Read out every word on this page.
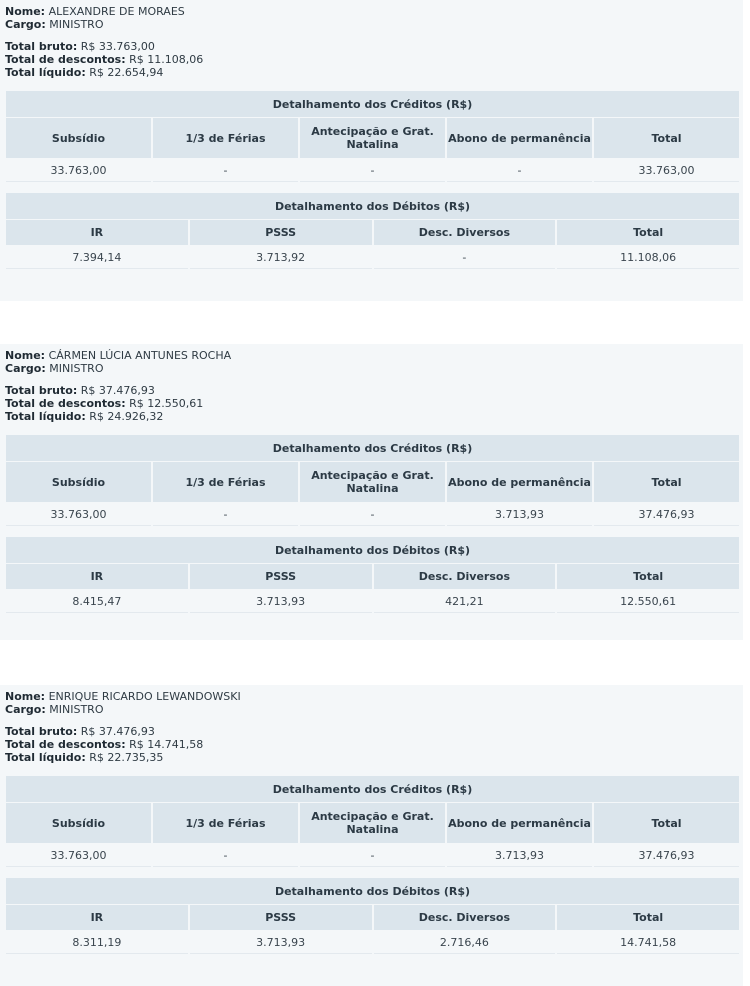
Nome: ALEXANDRE DE MORAES
Cargo: MINISTRO
Total bruto: R$ 33.763,00
Total de descontos: R$ 11.108,06
Total líquido: R$ 22.654,94
Detalhamento dos Créditos (R$)				
Subsídio	1/3 de Férias	Antecipação e Grat. Natalina	Abono de permanência	Total
33.763,00	-	-	-	33.763,00
Detalhamento dos Débitos (R$)			
IR	PSSS	Desc. Diversos	Total
7.394,14	3.713,92	-	11.108,06
Nome: CÁRMEN LÚCIA ANTUNES ROCHA
Cargo: MINISTRO
Total bruto: R$ 37.476,93
Total de descontos: R$ 12.550,61
Total líquido: R$ 24.926,32
Detalhamento dos Créditos (R$)				
Subsídio	1/3 de Férias	Antecipação e Grat. Natalina	Abono de permanência	Total
33.763,00	-	-	3.713,93	37.476,93
Detalhamento dos Débitos (R$)			
IR	PSSS	Desc. Diversos	Total
8.415,47	3.713,93	421,21	12.550,61
Nome: ENRIQUE RICARDO LEWANDOWSKI
Cargo: MINISTRO
Total bruto: R$ 37.476,93
Total de descontos: R$ 14.741,58
Total líquido: R$ 22.735,35
Detalhamento dos Créditos (R$)				
Subsídio	1/3 de Férias	Antecipação e Grat. Natalina	Abono de permanência	Total
33.763,00	-	-	3.713,93	37.476,93
Detalhamento dos Débitos (R$)			
IR	PSSS	Desc. Diversos	Total
8.311,19	3.713,93	2.716,46	14.741,58
